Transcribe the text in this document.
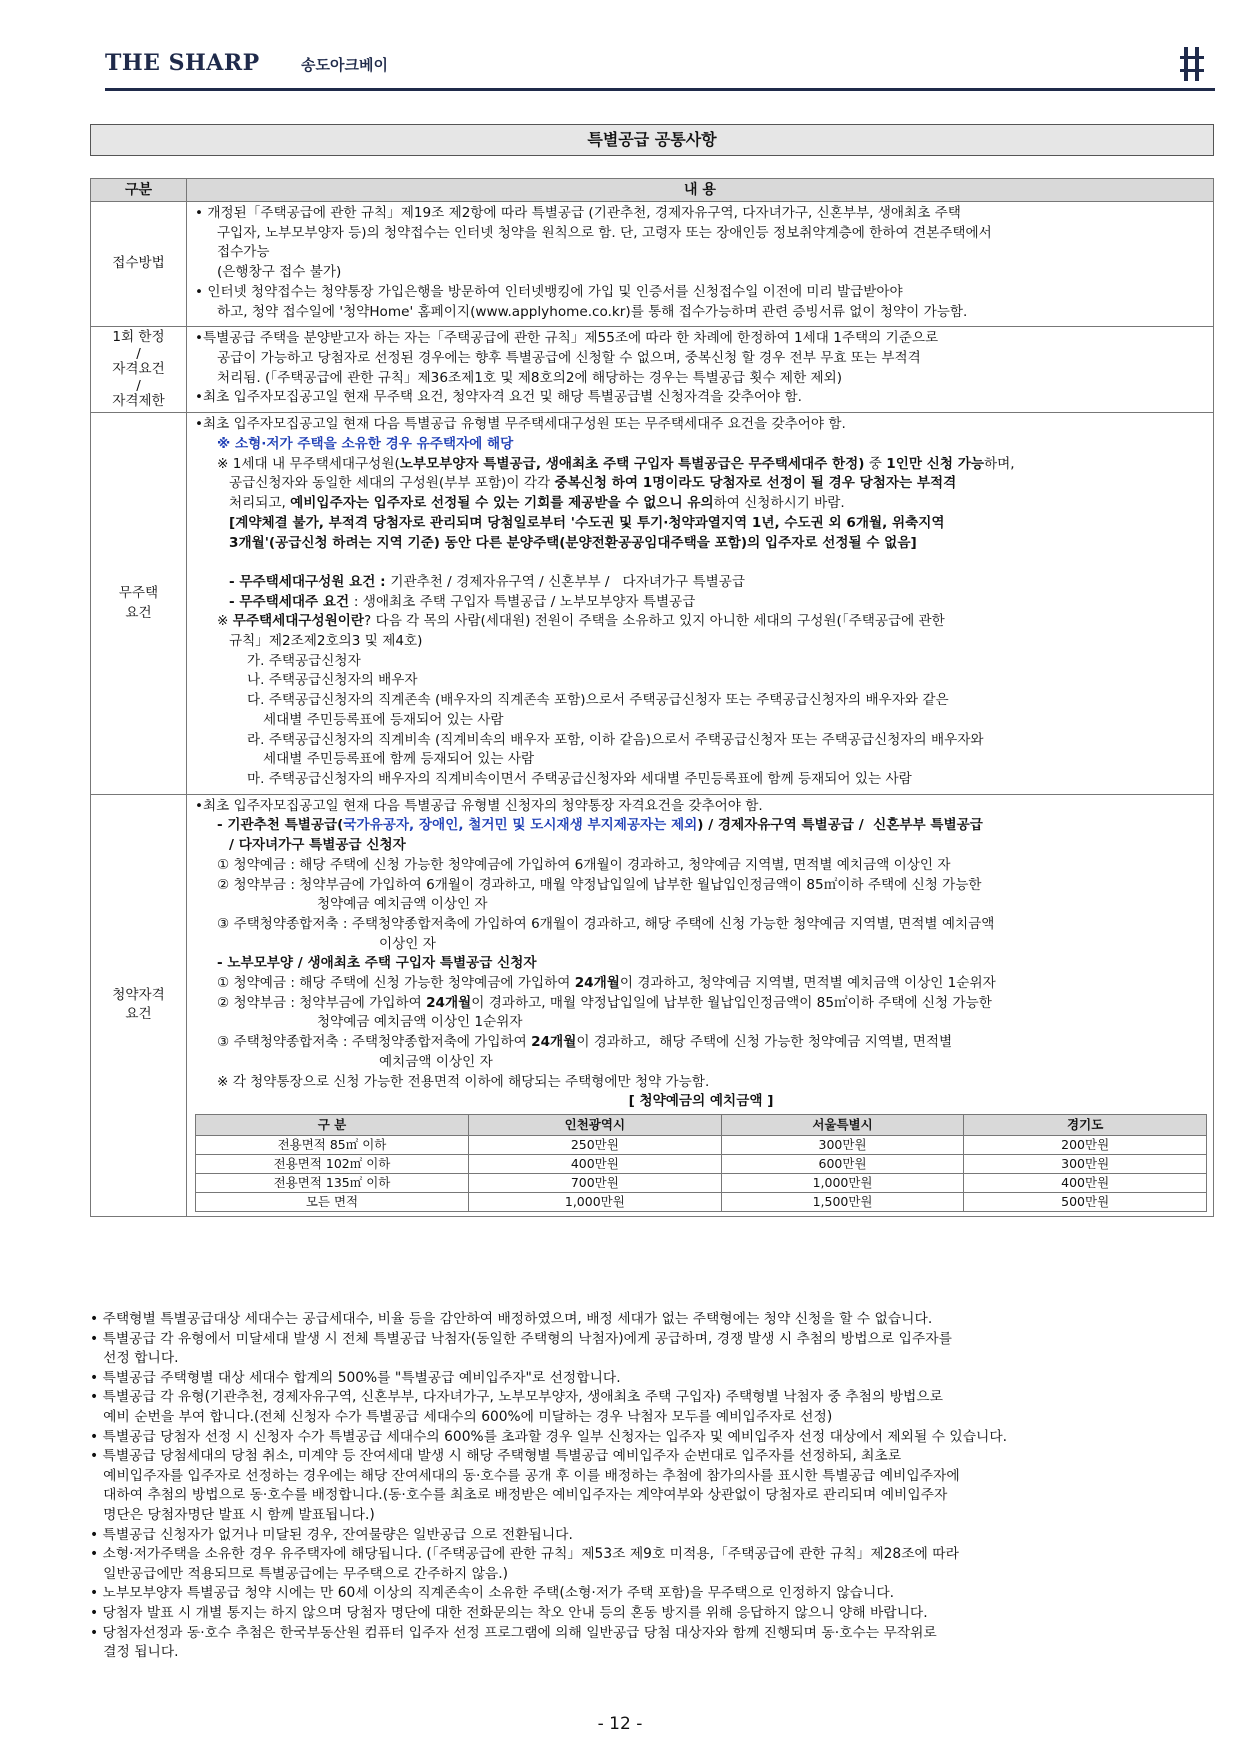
THE SHARP	송도아크베이
특별공급 공통사항
구분	내 용
접수방법	
• 개정된「주택공급에 관한 규칙」제19조 제2항에 따라 특별공급 (기관추천, 경제자유구역, 다자녀가구, 신혼부부, 생애최초 주택
구입자, 노부모부양자 등)의 청약접수는 인터넷 청약을 원칙으로 함. 단, 고령자 또는 장애인등 정보취약계층에 한하여 견본주택에서
접수가능
(은행창구 접수 불가)
• 인터넷 청약접수는 청약통장 가입은행을 방문하여 인터넷뱅킹에 가입 및 인증서를 신청접수일 이전에 미리 발급받아야
하고, 청약 접수일에 '청약Home' 홈페이지(www.applyhome.co.kr)를 통해 접수가능하며 관련 증빙서류 없이 청약이 가능함.

1회 한정
/
자격요건
/
자격제한

•특별공급 주택을 분양받고자 하는 자는「주택공급에 관한 규칙」제55조에 따라 한 차례에 한정하여 1세대 1주택의 기준으로
공급이 가능하고 당첨자로 선정된 경우에는 향후 특별공급에 신청할 수 없으며, 중복신청 할 경우 전부 무효 또는 부적격
처리됨. (「주택공급에 관한 규칙」제36조제1호 및 제8호의2에 해당하는 경우는 특별공급 횟수 제한 제외)
•최초 입주자모집공고일 현재 무주택 요건, 청약자격 요건 및 해당 특별공급별 신청자격을 갖추어야 함.

무주택
요건

•최초 입주자모집공고일 현재 다음 특별공급 유형별 무주택세대구성원 또는 무주택세대주 요건을 갖추어야 함.
※ 소형·저가 주택을 소유한 경우 유주택자에 해당
※ 1세대 내 무주택세대구성원(노부모부양자 특별공급, 생애최초 주택 구입자 특별공급은 무주택세대주 한정) 중 1인만 신청 가능하며,
공급신청자와 동일한 세대의 구성원(부부 포함)이 각각 중복신청 하여 1명이라도 당첨자로 선정이 될 경우 당첨자는 부적격
처리되고, 예비입주자는 입주자로 선정될 수 있는 기회를 제공받을 수 없으니 유의하여 신청하시기 바람.
[계약체결 불가, 부적격 당첨자로 관리되며 당첨일로부터 '수도권 및 투기·청약과열지역 1년, 수도권 외 6개월, 위축지역
3개월'(공급신청 하려는 지역 기준) 동안 다른 분양주택(분양전환공공임대주택을 포함)의 입주자로 선정될 수 없음]

- 무주택세대구성원 요건 : 기관추천 / 경제자유구역 / 신혼부부 /   다자녀가구 특별공급
- 무주택세대주 요건 : 생애최초 주택 구입자 특별공급 / 노부모부양자 특별공급
※ 무주택세대구성원이란? 다음 각 목의 사람(세대원) 전원이 주택을 소유하고 있지 아니한 세대의 구성원(「주택공급에 관한
규칙」제2조제2호의3 및 제4호)
가. 주택공급신청자
나. 주택공급신청자의 배우자
다. 주택공급신청자의 직계존속 (배우자의 직계존속 포함)으로서 주택공급신청자 또는 주택공급신청자의 배우자와 같은
세대별 주민등록표에 등재되어 있는 사람
라. 주택공급신청자의 직계비속 (직계비속의 배우자 포함, 이하 같음)으로서 주택공급신청자 또는 주택공급신청자의 배우자와
세대별 주민등록표에 함께 등재되어 있는 사람
마. 주택공급신청자의 배우자의 직계비속이면서 주택공급신청자와 세대별 주민등록표에 함께 등재되어 있는 사람

청약자격
요건

•최초 입주자모집공고일 현재 다음 특별공급 유형별 신청자의 청약통장 자격요건을 갖추어야 함.
- 기관추천 특별공급(국가유공자, 장애인, 철거민 및 도시재생 부지제공자는 제외) / 경제자유구역 특별공급 /  신혼부부 특별공급
/ 다자녀가구 특별공급 신청자
① 청약예금 : 해당 주택에 신청 가능한 청약예금에 가입하여 6개월이 경과하고, 청약예금 지역별, 면적별 예치금액 이상인 자
② 청약부금 : 청약부금에 가입하여 6개월이 경과하고, 매월 약정납입일에 납부한 월납입인정금액이 85㎡이하 주택에 신청 가능한
청약예금 예치금액 이상인 자
③ 주택청약종합저축 : 주택청약종합저축에 가입하여 6개월이 경과하고, 해당 주택에 신청 가능한 청약예금 지역별, 면적별 예치금액
이상인 자
- 노부모부양 / 생애최초 주택 구입자 특별공급 신청자
① 청약예금 : 해당 주택에 신청 가능한 청약예금에 가입하여 24개월이 경과하고, 청약예금 지역별, 면적별 예치금액 이상인 1순위자
② 청약부금 : 청약부금에 가입하여 24개월이 경과하고, 매월 약정납입일에 납부한 월납입인정금액이 85㎡이하 주택에 신청 가능한
청약예금 예치금액 이상인 1순위자
③ 주택청약종합저축 : 주택청약종합저축에 가입하여 24개월이 경과하고,  해당 주택에 신청 가능한 청약예금 지역별, 면적별
예치금액 이상인 자
※ 각 청약통장으로 신청 가능한 전용면적 이하에 해당되는 주택형에만 청약 가능함.
[ 청약예금의 예치금액 ]
구 분	인천광역시	서울특별시	경기도
전용면적 85㎡ 이하	250만원	300만원	200만원
전용면적 102㎡ 이하	400만원	600만원	300만원
전용면적 135㎡ 이하	700만원	1,000만원	400만원
모든 면적	1,000만원	1,500만원	500만원
• 주택형별 특별공급대상 세대수는 공급세대수, 비율 등을 감안하여 배정하였으며, 배정 세대가 없는 주택형에는 청약 신청을 할 수 없습니다.
• 특별공급 각 유형에서 미달세대 발생 시 전체 특별공급 낙첨자(동일한 주택형의 낙첨자)에게 공급하며, 경쟁 발생 시 추첨의 방법으로 입주자를
선정 합니다.
• 특별공급 주택형별 대상 세대수 합계의 500%를 "특별공급 예비입주자"로 선정합니다.
• 특별공급 각 유형(기관추천, 경제자유구역, 신혼부부, 다자녀가구, 노부모부양자, 생애최초 주택 구입자) 주택형별 낙첨자 중 추첨의 방법으로
예비 순번을 부여 합니다.(전체 신청자 수가 특별공급 세대수의 600%에 미달하는 경우 낙첨자 모두를 예비입주자로 선정)
• 특별공급 당첨자 선정 시 신청자 수가 특별공급 세대수의 600%를 초과할 경우 일부 신청자는 입주자 및 예비입주자 선정 대상에서 제외될 수 있습니다.
• 특별공급 당첨세대의 당첨 취소, 미계약 등 잔여세대 발생 시 해당 주택형별 특별공급 예비입주자 순번대로 입주자를 선정하되, 최초로
예비입주자를 입주자로 선정하는 경우에는 해당 잔여세대의 동·호수를 공개 후 이를 배정하는 추첨에 참가의사를 표시한 특별공급 예비입주자에
대하여 추첨의 방법으로 동·호수를 배정합니다.(동·호수를 최초로 배정받은 예비입주자는 계약여부와 상관없이 당첨자로 관리되며 예비입주자
명단은 당첨자명단 발표 시 함께 발표됩니다.)
• 특별공급 신청자가 없거나 미달된 경우, 잔여물량은 일반공급 으로 전환됩니다.
• 소형·저가주택을 소유한 경우 유주택자에 해당됩니다. (「주택공급에 관한 규칙」제53조 제9호 미적용,「주택공급에 관한 규칙」제28조에 따라
일반공급에만 적용되므로 특별공급에는 무주택으로 간주하지 않음.)
• 노부모부양자 특별공급 청약 시에는 만 60세 이상의 직계존속이 소유한 주택(소형·저가 주택 포함)을 무주택으로 인정하지 않습니다.
• 당첨자 발표 시 개별 통지는 하지 않으며 당첨자 명단에 대한 전화문의는 착오 안내 등의 혼동 방지를 위해 응답하지 않으니 양해 바랍니다.
• 당첨자선정과 동·호수 추첨은 한국부동산원 컴퓨터 입주자 선정 프로그램에 의해 일반공급 당첨 대상자와 함께 진행되며 동·호수는 무작위로
결정 됩니다.
- 12 -
